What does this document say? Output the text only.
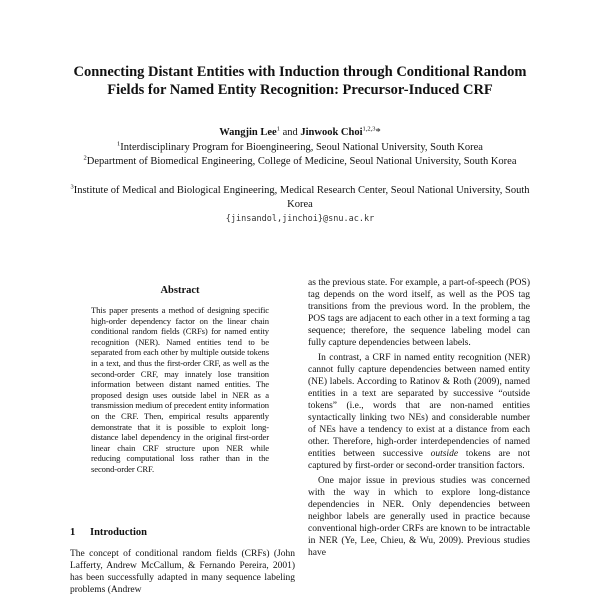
Connecting Distant Entities with Induction through Conditional Random Fields for Named Entity Recognition: Precursor-Induced CRF
Wangjin Lee$^1$ and Jinwook Choi$^{1,2,3}$*
$^1$Interdisciplinary Program for Bioengineering, Seoul National University, South Korea
$^2$Department of Biomedical Engineering, College of Medicine, Seoul National University, South Korea
$^3$Institute of Medical and Biological Engineering, Medical Research Center, Seoul National University, South Korea
{jinsandol,jinchoi}@snu.ac.kr
Abstract
This paper presents a method of designing specific high-order dependency factor on the linear chain conditional random fields (CRFs) for named entity recognition (NER). Named entities tend to be separated from each other by multiple outside tokens in a text, and thus the first-order CRF, as well as the second-order CRF, may innately lose transition information between distant named entities. The proposed design uses outside label in NER as a transmission medium of precedent entity information on the CRF. Then, empirical results apparently demonstrate that it is possible to exploit long-distance label dependency in the original first-order linear chain CRF structure upon NER while reducing computational loss rather than in the second-order CRF.
1 Introduction
The concept of conditional random fields (CRFs) (John Lafferty, Andrew McCallum, & Fernando Pereira, 2001) has been successfully adapted in many sequence labeling problems (Andrew

as the previous state. For example, a part-of-speech (POS) tag depends on the word itself, as well as the POS tag transitions from the previous word. In the problem, the POS tags are adjacent to each other in a text forming a tag sequence; therefore, the sequence labeling model can fully capture dependencies between labels.

In contrast, a CRF in named entity recognition (NER) cannot fully capture dependencies between named entity (NE) labels. According to Ratinov & Roth (2009), named entities in a text are separated by successive “outside tokens” (i.e., words that are non-named entities syntactically linking two NEs) and considerable number of NEs have a tendency to exist at a distance from each other. Therefore, high-order interdependencies of named entities between successive outside tokens are not captured by first-order or second-order transition factors.

One major issue in previous studies was concerned with the way in which to explore long-distance dependencies in NER. Only dependencies between neighbor labels are generally used in practice because conventional high-order CRFs are known to be intractable in NER (Ye, Lee, Chieu, & Wu, 2009). Previous studies have
